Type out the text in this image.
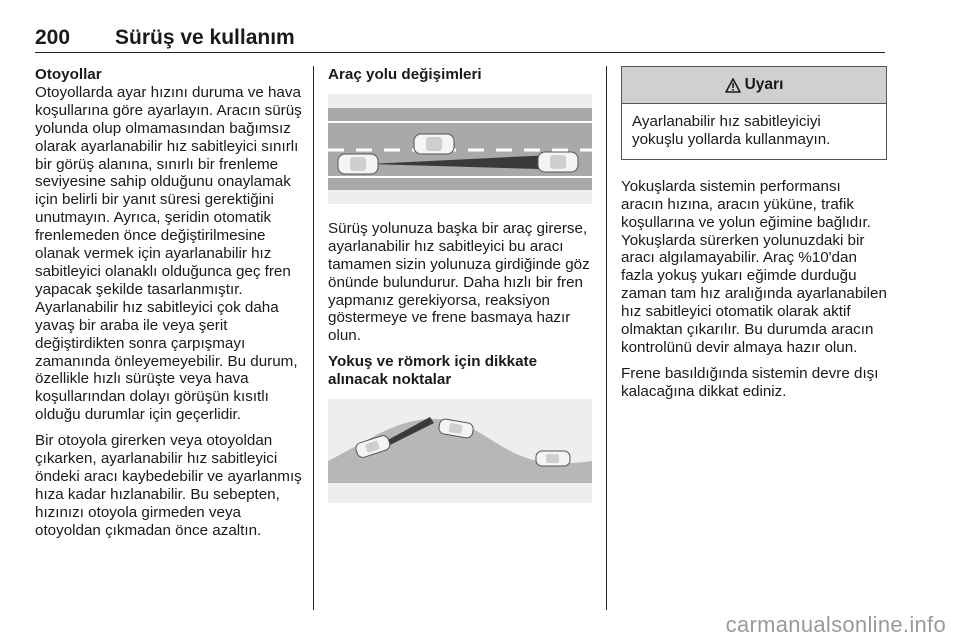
200 Sürüş ve kullanım
Otoyollar

Otoyollarda ayar hızını duruma ve hava koşullarına göre ayarlayın. Aracın sürüş yolunda olup olmamasından bağımsız olarak ayarlanabilir hız sabitleyici sınırlı bir görüş alanına, sınırlı bir frenleme seviyesine sahip olduğunu onaylamak için belirli bir yanıt süresi gerektiğini unutmayın. Ayrıca, şeridin otomatik frenlemeden önce değiştirilmesine olanak vermek için ayarlanabilir hız sabitleyici olanaklı olduğunca geç fren yapacak şekilde tasarlanmıştır. Ayarlanabilir hız sabitleyici çok daha yavaş bir araba ile veya şerit değiştirdikten sonra çarpışmayı zamanında önleyemeyebilir. Bu durum, özellikle hızlı sürüşte veya hava koşullarından dolayı görüşün kısıtlı olduğu durumlar için geçerlidir.

Bir otoyola girerken veya otoyoldan çıkarken, ayarlanabilir hız sabitleyici öndeki aracı kaybedebilir ve ayarlanmış hıza kadar hızlanabilir. Bu sebepten, hızınızı otoyola girmeden veya otoyoldan çıkmadan önce azaltın.

Araç yolu değişimleri

Sürüş yolunuza başka bir araç girerse, ayarlanabilir hız sabitleyici bu aracı tamamen sizin yolunuza girdiğinde göz önünde bulundurur. Daha hızlı bir fren yapmanız gerekiyorsa, reaksiyon göstermeye ve frene basmaya hazır olun.

Yokuş ve römork için dikkate alınacak noktalar
Uyarı
Ayarlanabilir hız sabitleyiciyi yokuşlu yollarda kullanmayın.

Yokuşlarda sistemin performansı aracın hızına, aracın yüküne, trafik koşullarına ve yolun eğimine bağlıdır. Yokuşlarda sürerken yolunuzdaki bir aracı algılamayabilir. Araç %10'dan fazla yokuş yukarı eğimde durduğu zaman tam hız aralığında ayarlanabilen hız sabitleyici otomatik olarak aktif olmaktan çıkarılır. Bu durumda aracın kontrolünü devir almaya hazır olun.

Frene basıldığında sistemin devre dışı kalacağına dikkat ediniz.

carmanualsonline.info
